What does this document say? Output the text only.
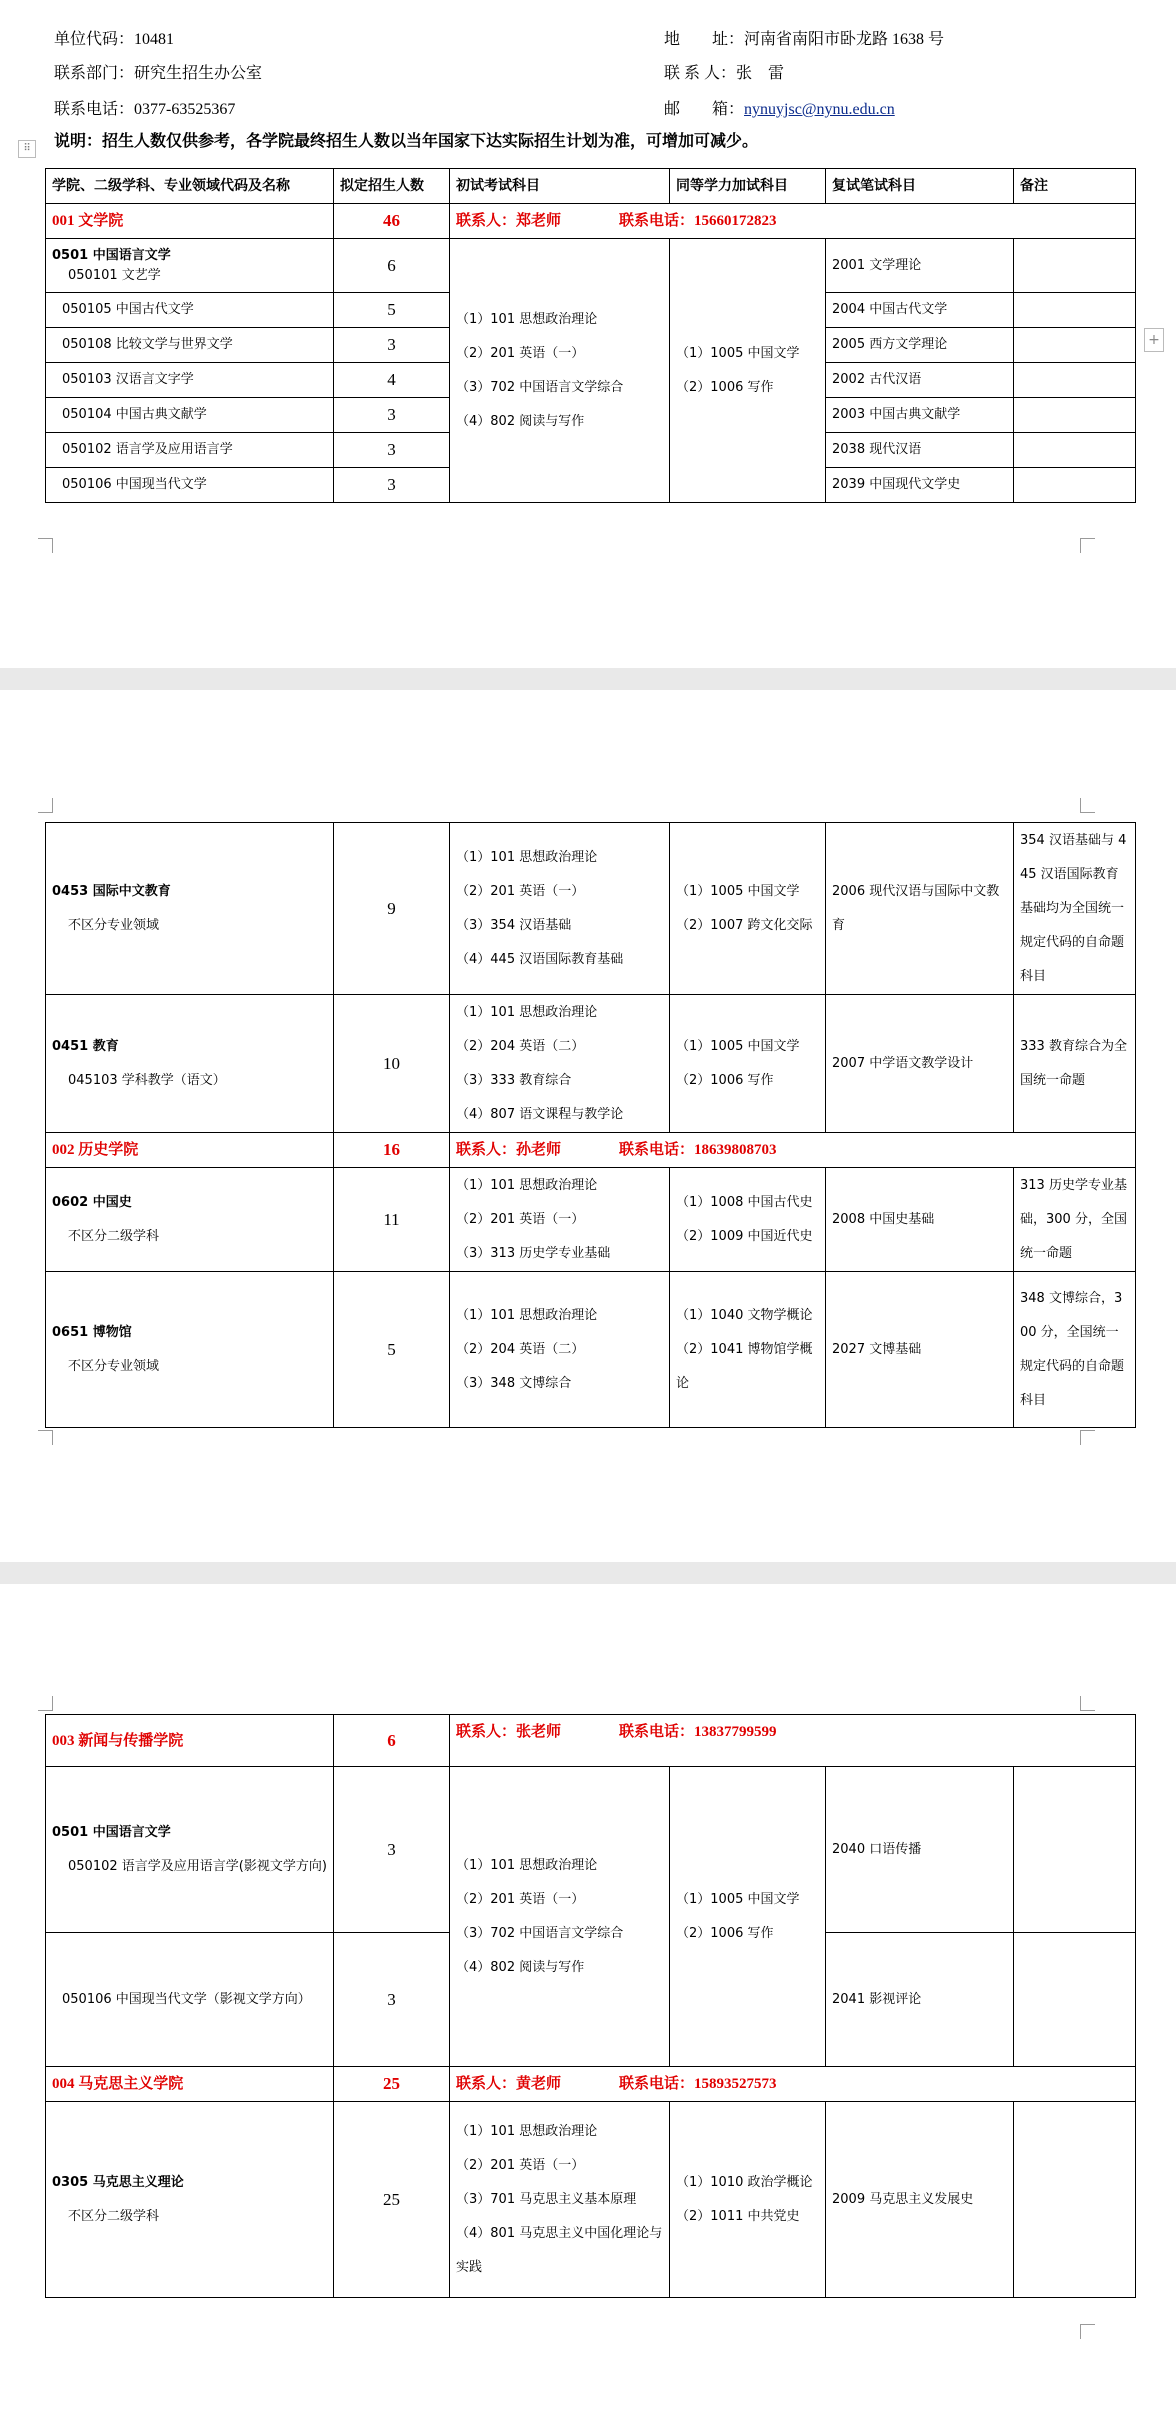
单位代码：10481
联系部门：研究生招生办公室
联系电话：0377-63525367
地　　址：河南省南阳市卧龙路 1638 号
联 系 人：张　雷
邮　　箱：nynuyjsc@nynu.edu.cn
说明：招生人数仅供参考，各学院最终招生人数以当年国家下达实际招生计划为准，可增加可减少。
⠿
+
学院、二级学科、专业领域代码及名称	拟定招生人数	初试考试科目	同等学力加试科目	复试笔试科目	备注
001 文学院	46	联系人：郑老师 联系电话：15660172823			

0501 中国语言文学
050101 文艺学	6	（1）101 思想政治理论
（2）201 英语（一）
（3）702 中国语言文学综合
（4）802 阅读与写作	（1）1005 中国文学
（2）1006 写作	2001 文学理论	
050105 中国古代文学	5			2004 中国古代文学	
050108 比较文学与世界文学	3			2005 西方文学理论	
050103 汉语言文字学	4			2002 古代汉语	
050104 中国古典文献学	3			2003 中国古典文献学	
050102 语言学及应用语言学	3			2038 现代汉语	
050106 中国现当代文学	3			2039 中国现代文学史	
0453 国际中文教育
不区分专业领域	9	（1）101 思想政治理论
（2）201 英语（一）
（3）354 汉语基础
（4）445 汉语国际教育基础	（1）1005 中国文学
（2）1007 跨文化交际	2006 现代汉语与国际中文教育	354 汉语基础与 445 汉语国际教育基础均为全国统一规定代码的自命题科目

0451 教育
045103 学科教学（语文）	10	（1）101 思想政治理论
（2）204 英语（二）
（3）333 教育综合
（4）807 语文课程与教学论	（1）1005 中国文学
（2）1006 写作	2007 中学语文教学设计	333 教育综合为全国统一命题
002 历史学院	16	联系人：孙老师 联系电话：18639808703			

0602 中国史
不区分二级学科	11	（1）101 思想政治理论
（2）201 英语（一）
（3）313 历史学专业基础	（1）1008 中国古代史
（2）1009 中国近代史	2008 中国史基础	313 历史学专业基础，300 分，全国统一命题

0651 博物馆
不区分专业领域	5	（1）101 思想政治理论
（2）204 英语（二）
（3）348 文博综合	（1）1040 文物学概论
（2）1041 博物馆学概论	2027 文博基础	348 文博综合，300 分，全国统一规定代码的自命题科目
003 新闻与传播学院	6	联系人：张老师 联系电话：13837799599			

0501 中国语言文学
050102 语言学及应用语言学(影视文学方向)	3	（1）101 思想政治理论
（2）201 英语（一）
（3）702 中国语言文学综合
（4）802 阅读与写作	（1）1005 中国文学
（2）1006 写作	2040 口语传播	
050106 中国现当代文学（影视文学方向）	3			2041 影视评论	
004 马克思主义学院	25	联系人：黄老师 联系电话：15893527573			

0305 马克思主义理论
不区分二级学科	25	（1）101 思想政治理论
（2）201 英语（一）
（3）701 马克思主义基本原理
（4）801 马克思主义中国化理论与实践	（1）1010 政治学概论
（2）1011 中共党史	2009 马克思主义发展史	
